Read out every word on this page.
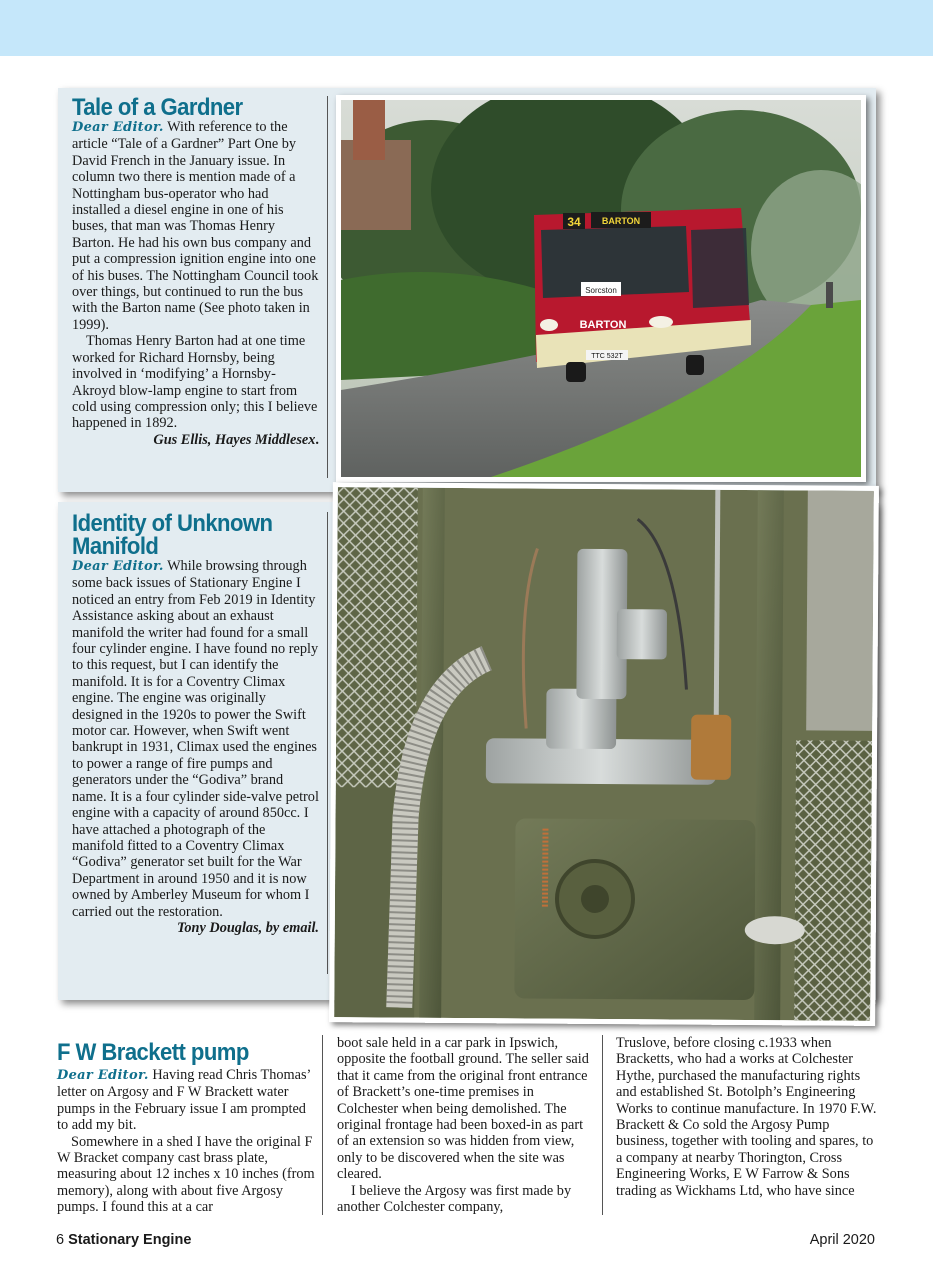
Tale of a Gardner

Dear Editor. With reference to the article “Tale of a Gardner” Part One by David French in the January issue. In column two there is mention made of a Nottingham bus-operator who had installed a diesel engine in one of his buses, that man was Thomas Henry Barton. He had his own bus company and put a compression ignition engine into one of his buses. The Nottingham Council took over things, but continued to run the bus with the Barton name (See photo taken in 1999).

Thomas Henry Barton had at one time worked for Richard Hornsby, being involved in ‘modifying’ a Hornsby-Akroyd blow-lamp engine to start from cold using compression only; this I believe happened in 1892.

Gus Ellis, Hayes Middlesex.

Identity of Unknown Manifold

Dear Editor. While browsing through some back issues of Stationary Engine I noticed an entry from Feb 2019 in Identity Assistance asking about an exhaust manifold the writer had found for a small four cylinder engine. I have found no reply to this request, but I can identify the manifold. It is for a Coventry Climax engine. The engine was originally designed in the 1920s to power the Swift motor car. However, when Swift went bankrupt in 1931, Climax used the engines to power a range of fire pumps and generators under the “Godiva” brand name. It is a four cylinder side-valve petrol engine with a capacity of around 850cc. I have attached a photograph of the manifold fitted to a Coventry Climax “Godiva” generator set built for the War Department in around 1950 and it is now owned by Amberley Museum for whom I carried out the restoration.

Tony Douglas, by email.

34 BARTON
Sorcston
BARTON
TTC 532T
F W Brackett pump

Dear Editor. Having read Chris Thomas’ letter on Argosy and F W Brackett water pumps in the February issue I am prompted to add my bit.

Somewhere in a shed I have the original F W Bracket company cast brass plate, measuring about 12 inches x 10 inches (from memory), along with about five Argosy pumps. I found this at a car

boot sale held in a car park in Ipswich, opposite the football ground. The seller said that it came from the original front entrance of Brackett’s one-time premises in Colchester when being demolished. The original frontage had been boxed-in as part of an extension so was hidden from view, only to be discovered when the site was cleared.

I believe the Argosy was first made by another Colchester company,

Truslove, before closing c.1933 when Bracketts, who had a works at Colchester Hythe, purchased the manufacturing rights and established St. Botolph’s Engineering Works to continue manufacture. In 1970 F.W. Brackett & Co sold the Argosy Pump business, together with tooling and spares, to a company at nearby Thorington, Cross Engineering Works, E W Farrow & Sons trading as Wickhams Ltd, who have since

6 Stationary Engine	April 2020
